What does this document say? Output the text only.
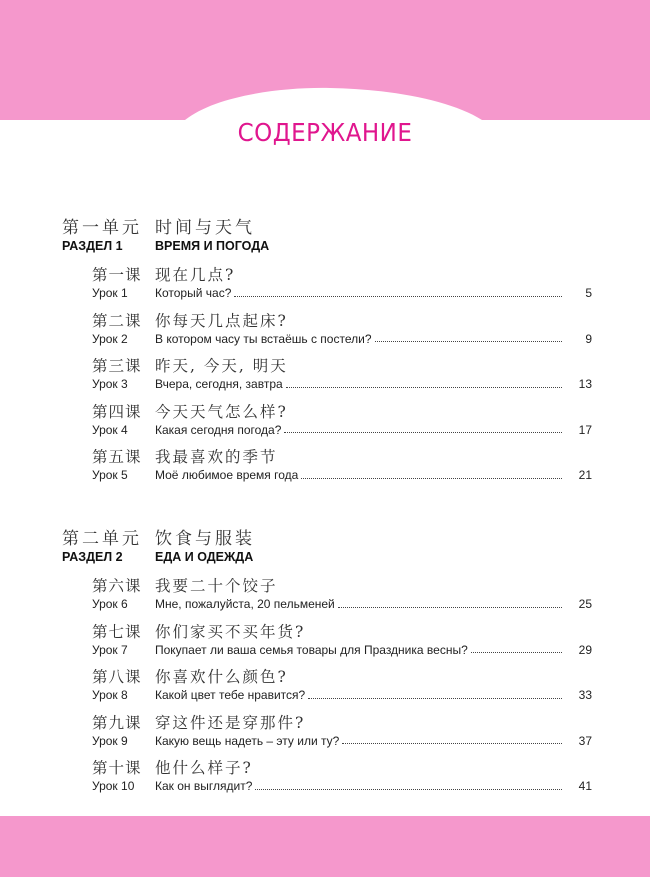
СОДЕРЖАНИЕ
第一单元 时间与天气
РАЗДЕЛ 1	ВРЕМЯ И ПОГОДА
第一课 现在几点?
Урок 1	Который час?	5
第二课 你每天几点起床?
Урок 2	В котором часу ты встаёшь с постели?	9
第三课 昨天, 今天, 明天
Урок 3	Вчера, сегодня, завтра	13
第四课 今天天气怎么样?
Урок 4	Какая сегодня погода?	17
第五课 我最喜欢的季节
Урок 5	Моё любимое время года	21
第二单元 饮食与服装
РАЗДЕЛ 2	ЕДА И ОДЕЖДА
第六课 我要二十个饺子
Урок 6	Мне, пожалуйста, 20 пельменей	25
第七课 你们家买不买年货?
Урок 7	Покупает ли ваша семья товары для Праздника весны?	29
第八课 你喜欢什么颜色?
Урок 8	Какой цвет тебе нравится?	33
第九课 穿这件还是穿那件?
Урок 9	Какую вещь надеть – эту или ту?	37
第十课 他什么样子?
Урок 10	Как он выглядит?	41
